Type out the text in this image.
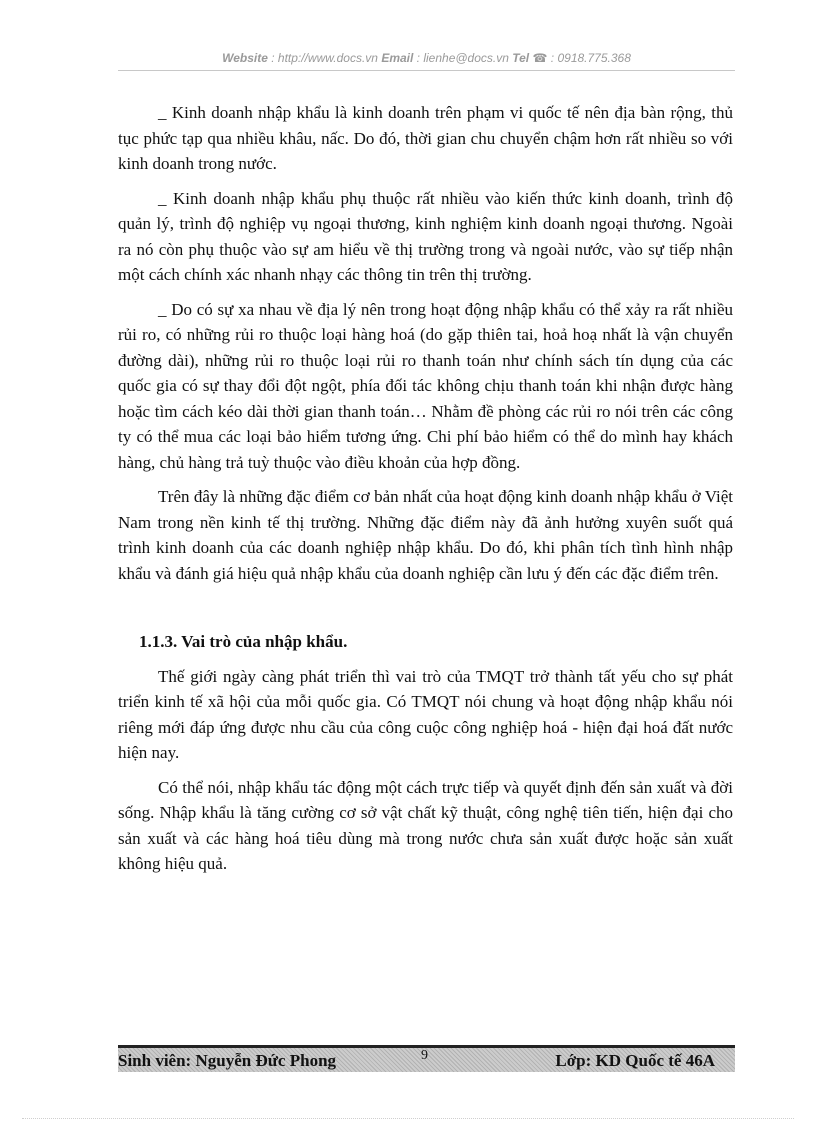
Website : http://www.docs.vn Email : lienhe@docs.vn Tel ☎ : 0918.775.368

_ Kinh doanh nhập khẩu là kinh doanh trên phạm vi quốc tế nên địa bàn rộng, thủ tục phức tạp qua nhiều khâu, nấc. Do đó, thời gian chu chuyển chậm hơn rất nhiều so với kinh doanh trong nước.

_ Kinh doanh nhập khẩu phụ thuộc rất nhiều vào kiến thức kinh doanh, trình độ quản lý, trình độ nghiệp vụ ngoại thương, kinh nghiệm kinh doanh ngoại thương. Ngoài ra nó còn phụ thuộc vào sự am hiểu về thị trường trong và ngoài nước, vào sự tiếp nhận một cách chính xác nhanh nhạy các thông tin trên thị trường.

_ Do có sự xa nhau về địa lý nên trong hoạt động nhập khẩu có thể xảy ra rất nhiều rủi ro, có những rủi ro thuộc loại hàng hoá (do gặp thiên tai, hoả hoạ nhất là vận chuyển đường dài), những rủi ro thuộc loại rủi ro thanh toán như chính sách tín dụng của các quốc gia có sự thay đổi đột ngột, phía đối tác không chịu thanh toán khi nhận được hàng hoặc tìm cách kéo dài thời gian thanh toán… Nhằm đề phòng các rủi ro nói trên các công ty có thể mua các loại bảo hiểm tương ứng. Chi phí bảo hiểm có thể do mình hay khách hàng, chủ hàng trả tuỳ thuộc vào điều khoản của hợp đồng.

Trên đây là những đặc điểm cơ bản nhất của hoạt động kinh doanh nhập khẩu ở Việt Nam trong nền kinh tế thị trường. Những đặc điểm này đã ảnh hưởng xuyên suốt quá trình kinh doanh của các doanh nghiệp nhập khẩu. Do đó, khi phân tích tình hình nhập khẩu và đánh giá hiệu quả nhập khẩu của doanh nghiệp cần lưu ý đến các đặc điểm trên.

1.1.3. Vai trò của nhập khẩu.

Thế giới ngày càng phát triển thì vai trò của TMQT trở thành tất yếu cho sự phát triển kinh tế xã hội của mỗi quốc gia. Có TMQT nói chung và hoạt động nhập khẩu nói riêng mới đáp ứng được nhu cầu của công cuộc công nghiệp hoá - hiện đại hoá đất nước hiện nay.

Có thể nói, nhập khẩu tác động một cách trực tiếp và quyết định đến sản xuất và đời sống. Nhập khẩu là tăng cường cơ sở vật chất kỹ thuật, công nghệ tiên tiến, hiện đại cho sản xuất và các hàng hoá tiêu dùng mà trong nước chưa sản xuất được hoặc sản xuất không hiệu quả.

Sinh viên: Nguyễn Đức Phong	9	Lớp: KD Quốc tế 46A
